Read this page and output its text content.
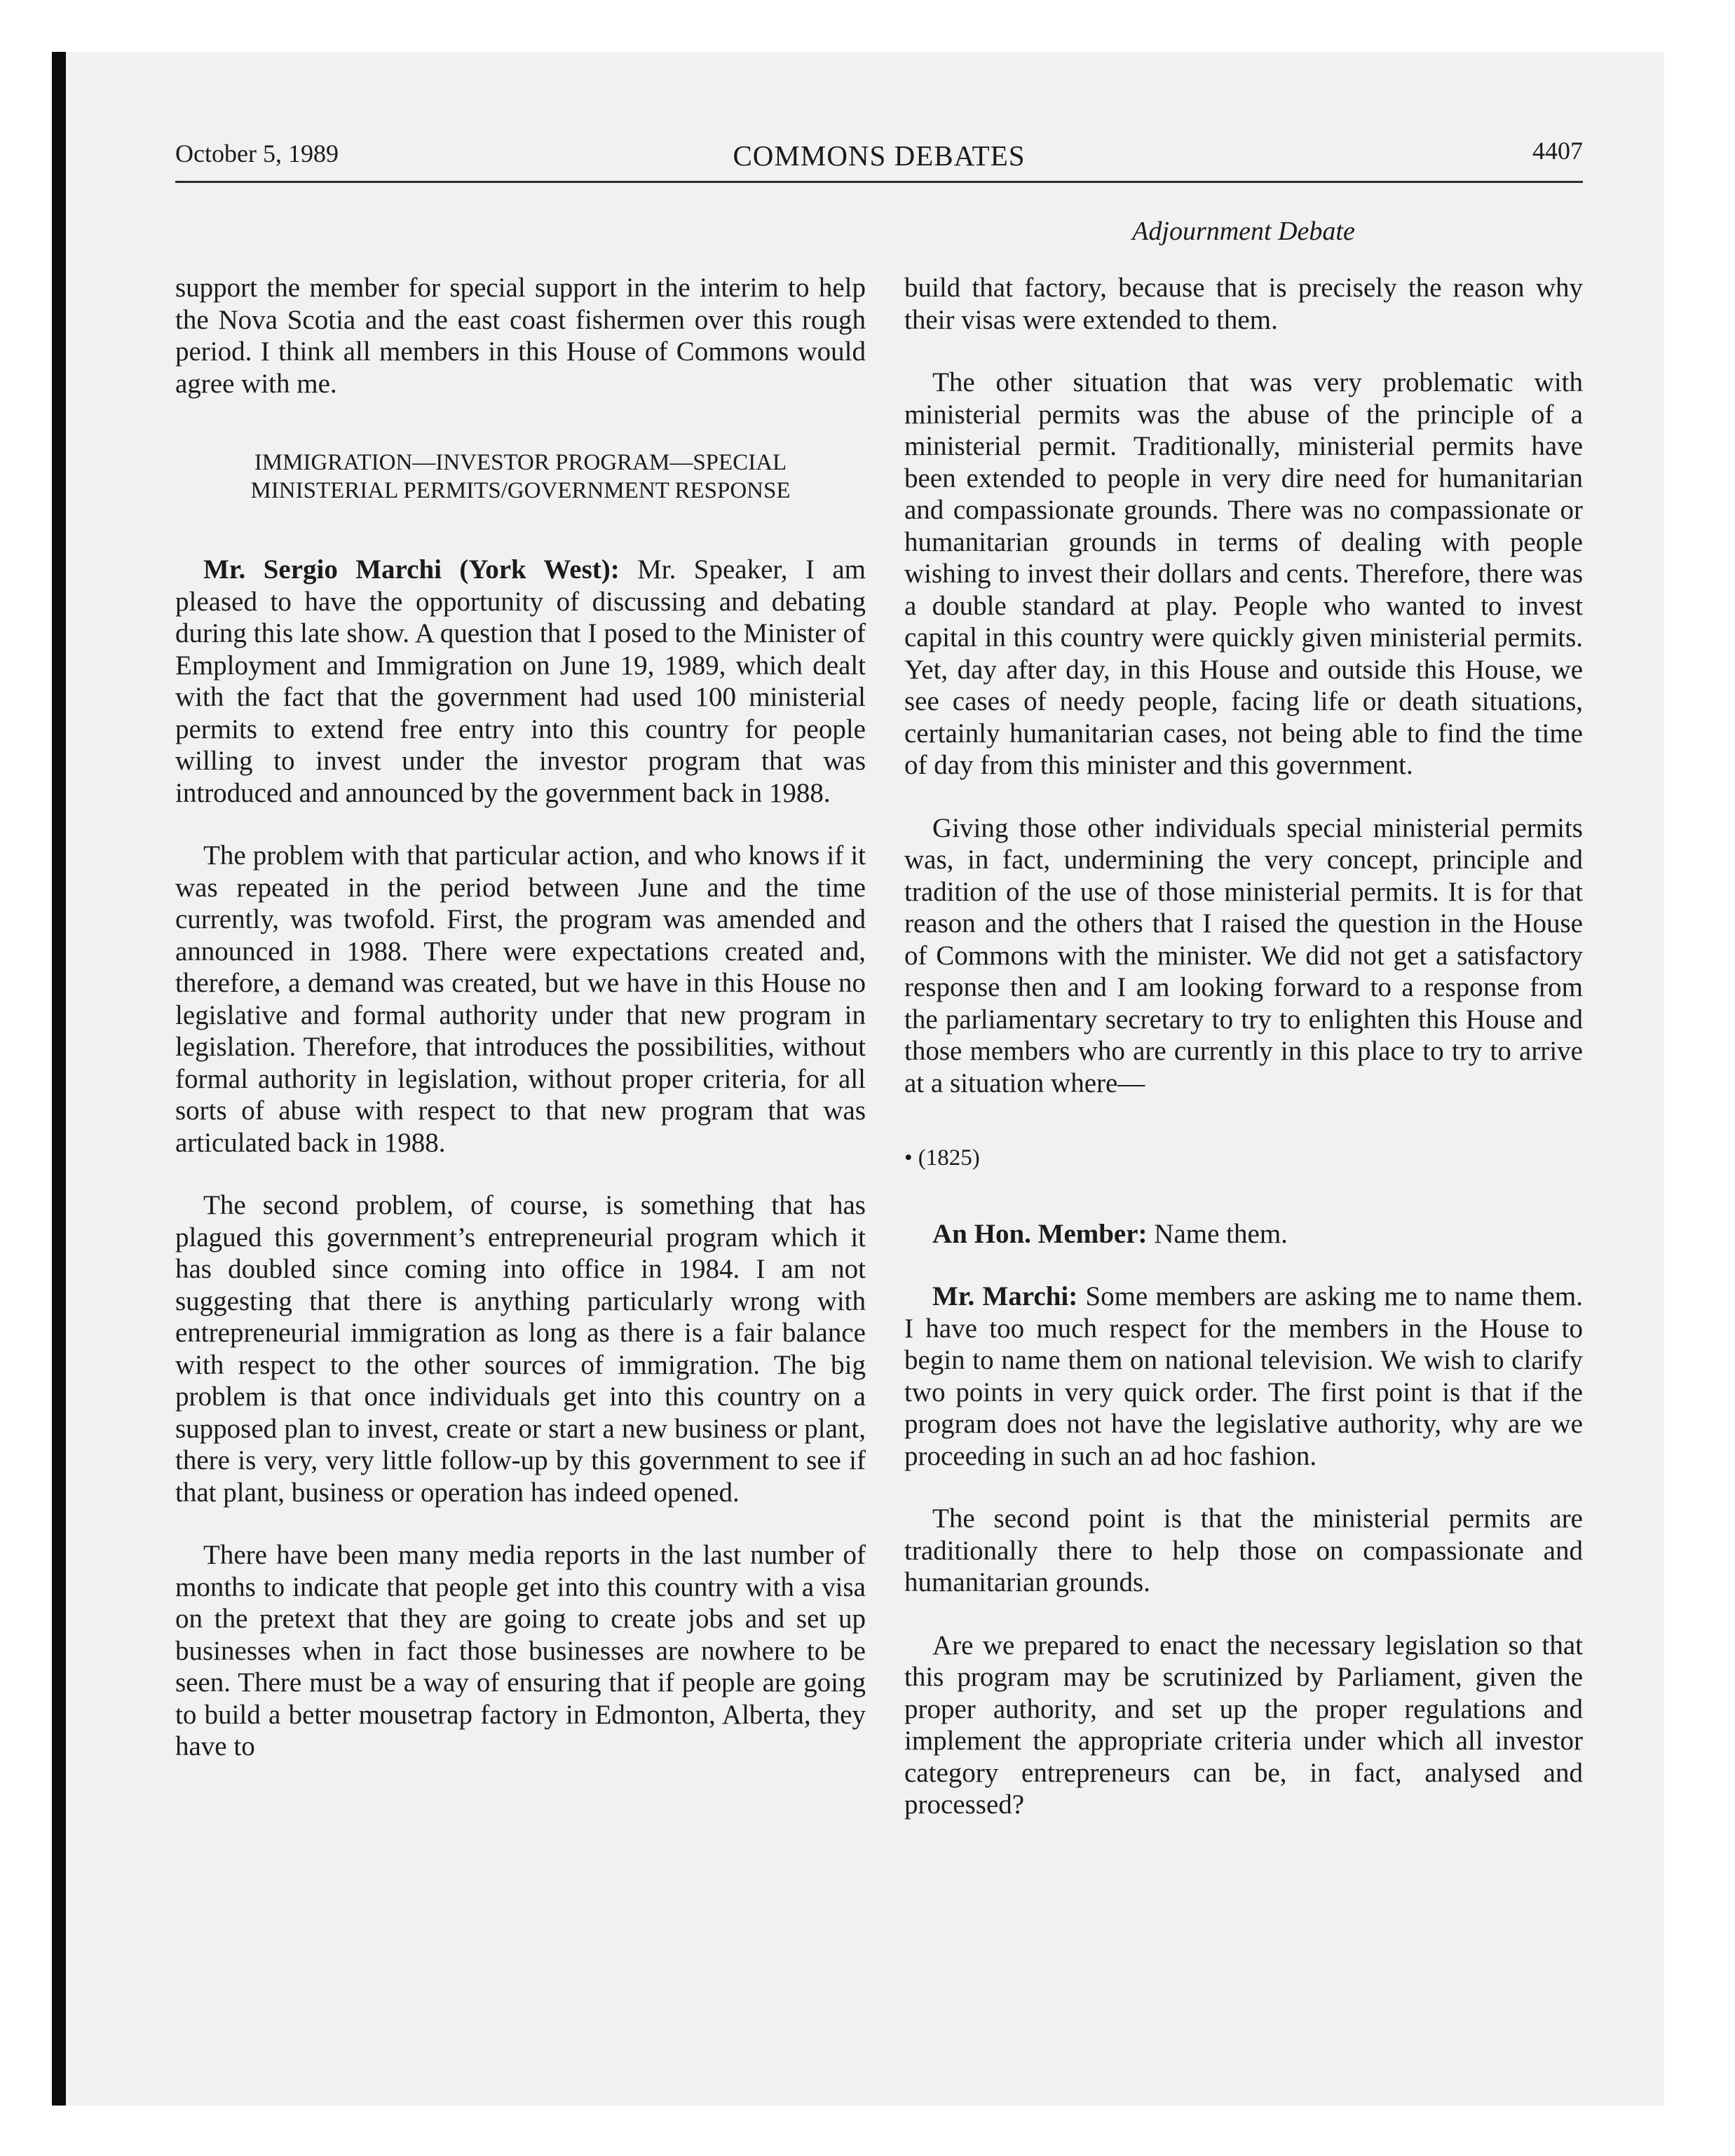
October 5, 1989	COMMONS DEBATES	4407
Adjournment Debate

support the member for special support in the interim to help the Nova Scotia and the east coast fishermen over this rough period. I think all members in this House of Commons would agree with me.

IMMIGRATION—INVESTOR PROGRAM—SPECIAL MINISTERIAL PERMITS/GOVERNMENT RESPONSE

Mr. Sergio Marchi (York West): Mr. Speaker, I am pleased to have the opportunity of discussing and debating during this late show. A question that I posed to the Minister of Employment and Immigration on June 19, 1989, which dealt with the fact that the government had used 100 ministerial permits to extend free entry into this country for people willing to invest under the investor program that was introduced and announced by the government back in 1988.

The problem with that particular action, and who knows if it was repeated in the period between June and the time currently, was twofold. First, the program was amended and announced in 1988. There were expectations created and, therefore, a demand was created, but we have in this House no legislative and formal authority under that new program in legislation. Therefore, that introduces the possibilities, without formal authority in legislation, without proper criteria, for all sorts of abuse with respect to that new program that was articulated back in 1988.

The second problem, of course, is something that has plagued this government’s entrepreneurial program which it has doubled since coming into office in 1984. I am not suggesting that there is anything particularly wrong with entrepreneurial immigration as long as there is a fair balance with respect to the other sources of immigration. The big problem is that once individuals get into this country on a supposed plan to invest, create or start a new business or plant, there is very, very little follow-up by this government to see if that plant, business or operation has indeed opened.

There have been many media reports in the last number of months to indicate that people get into this country with a visa on the pretext that they are going to create jobs and set up businesses when in fact those businesses are nowhere to be seen. There must be a way of ensuring that if people are going to build a better mousetrap factory in Edmonton, Alberta, they have to

build that factory, because that is precisely the reason why their visas were extended to them.

The other situation that was very problematic with ministerial permits was the abuse of the principle of a ministerial permit. Traditionally, ministerial permits have been extended to people in very dire need for humanitarian and compassionate grounds. There was no compassionate or humanitarian grounds in terms of dealing with people wishing to invest their dollars and cents. Therefore, there was a double standard at play. People who wanted to invest capital in this country were quickly given ministerial permits. Yet, day after day, in this House and outside this House, we see cases of needy people, facing life or death situations, certainly humanitarian cases, not being able to find the time of day from this minister and this government.

Giving those other individuals special ministerial permits was, in fact, undermining the very concept, principle and tradition of the use of those ministerial permits. It is for that reason and the others that I raised the question in the House of Commons with the minister. We did not get a satisfactory response then and I am looking forward to a response from the parliamentary secretary to try to enlighten this House and those members who are currently in this place to try to arrive at a situation where—

• (1825)

An Hon. Member: Name them.

Mr. Marchi: Some members are asking me to name them. I have too much respect for the members in the House to begin to name them on national television. We wish to clarify two points in very quick order. The first point is that if the program does not have the legislative authority, why are we proceeding in such an ad hoc fashion.

The second point is that the ministerial permits are traditionally there to help those on compassionate and humanitarian grounds.

Are we prepared to enact the necessary legislation so that this program may be scrutinized by Parliament, given the proper authority, and set up the proper regulations and implement the appropriate criteria under which all investor category entrepreneurs can be, in fact, analysed and processed?
